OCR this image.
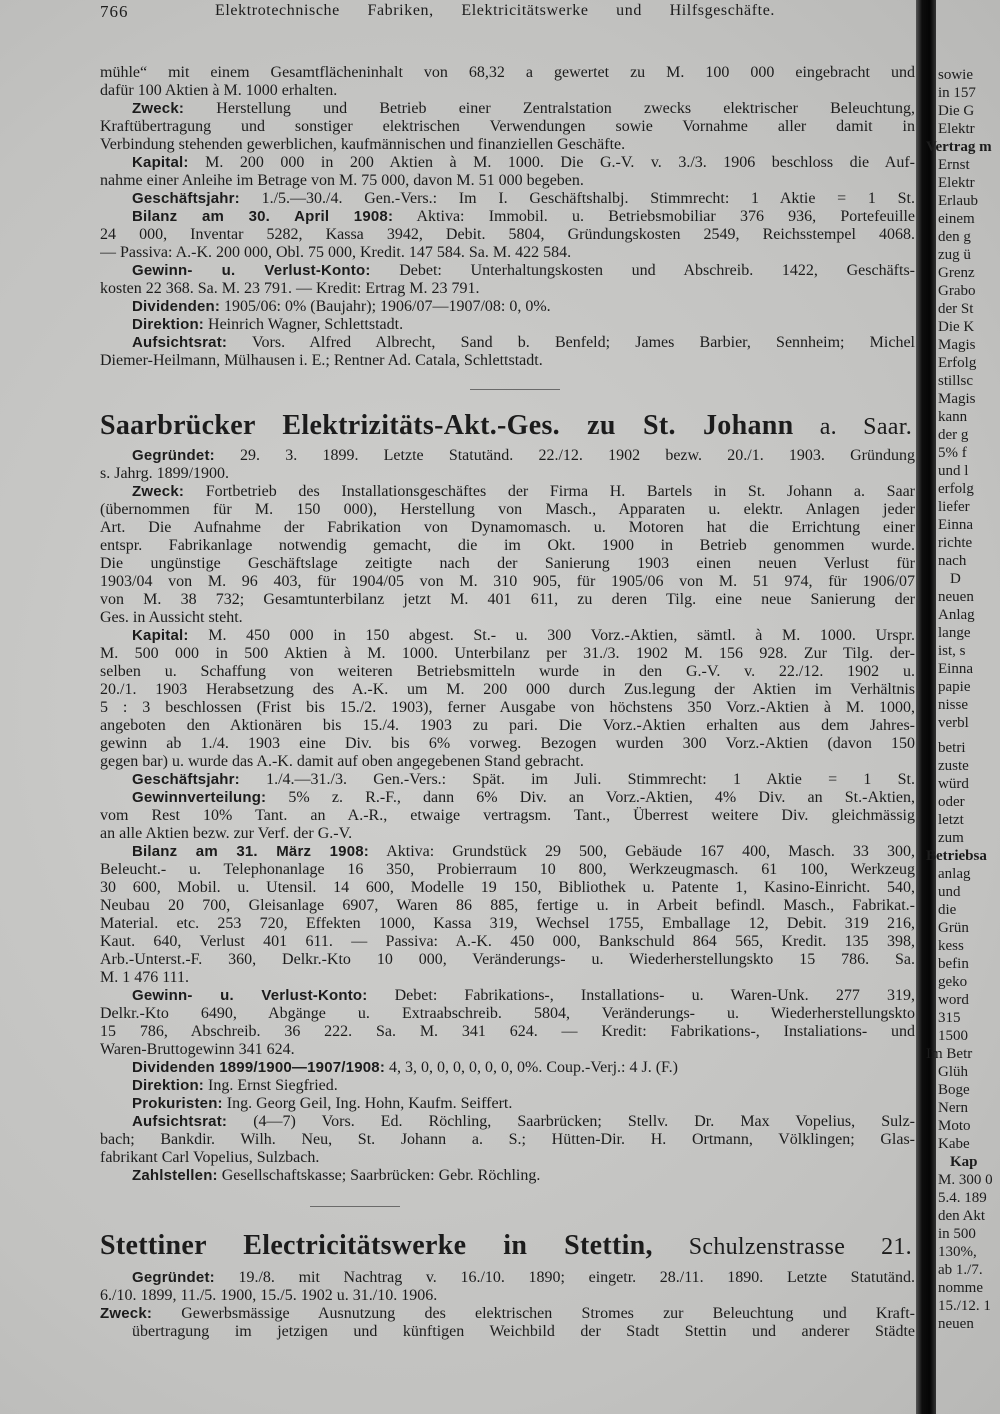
766	Elektrotechnische Fabriken, Elektricitätswerke und Hilfsgeschäfte.
mühle“ mit einem Gesamtflächeninhalt von 68,32 a gewertet zu M. 100 000 eingebracht und
dafür 100 Aktien à M. 1000 erhalten.
Zweck: Herstellung und Betrieb einer Zentralstation zwecks elektrischer Beleuchtung,
Kraftübertragung und sonstiger elektrischen Verwendungen sowie Vornahme aller damit in
Verbindung stehenden gewerblichen, kaufmännischen und finanziellen Geschäfte.
Kapital: M. 200 000 in 200 Aktien à M. 1000. Die G.-V. v. 3./3. 1906 beschloss die Auf-
nahme einer Anleihe im Betrage von M. 75 000, davon M. 51 000 begeben.
Geschäftsjahr: 1./5.—30./4. Gen.-Vers.: Im I. Geschäftshalbj. Stimmrecht: 1 Aktie = 1 St.
Bilanz am 30. April 1908: Aktiva: Immobil. u. Betriebsmobiliar 376 936, Portefeuille
24 000, Inventar 5282, Kassa 3942, Debit. 5804, Gründungskosten 2549, Reichsstempel 4068.
— Passiva: A.-K. 200 000, Obl. 75 000, Kredit. 147 584. Sa. M. 422 584.
Gewinn- u. Verlust-Konto: Debet: Unterhaltungskosten und Abschreib. 1422, Geschäfts-
kosten 22 368. Sa. M. 23 791. — Kredit: Ertrag M. 23 791.
Dividenden: 1905/06: 0% (Baujahr); 1906/07—1907/08: 0, 0%.
Direktion: Heinrich Wagner, Schlettstadt.
Aufsichtsrat: Vors. Alfred Albrecht, Sand b. Benfeld; James Barbier, Sennheim; Michel
Diemer-Heilmann, Mülhausen i. E.; Rentner Ad. Catala, Schlettstadt.
Saarbrücker Elektrizitäts-Akt.-Ges. zu St. Johann a. Saar.
Gegründet: 29. 3. 1899. Letzte Statutänd. 22./12. 1902 bezw. 20./1. 1903. Gründung
s. Jahrg. 1899/1900.
Zweck: Fortbetrieb des Installationsgeschäftes der Firma H. Bartels in St. Johann a. Saar
(übernommen für M. 150 000), Herstellung von Masch., Apparaten u. elektr. Anlagen jeder
Art. Die Aufnahme der Fabrikation von Dynamomasch. u. Motoren hat die Errichtung einer
entspr. Fabrikanlage notwendig gemacht, die im Okt. 1900 in Betrieb genommen wurde.
Die ungünstige Geschäftslage zeitigte nach der Sanierung 1903 einen neuen Verlust für
1903/04 von M. 96 403, für 1904/05 von M. 310 905, für 1905/06 von M. 51 974, für 1906/07
von M. 38 732; Gesamtunterbilanz jetzt M. 401 611, zu deren Tilg. eine neue Sanierung der
Ges. in Aussicht steht.
Kapital: M. 450 000 in 150 abgest. St.- u. 300 Vorz.-Aktien, sämtl. à M. 1000. Urspr.
M. 500 000 in 500 Aktien à M. 1000. Unterbilanz per 31./3. 1902 M. 156 928. Zur Tilg. der-
selben u. Schaffung von weiteren Betriebsmitteln wurde in den G.-V. v. 22./12. 1902 u.
20./1. 1903 Herabsetzung des A.-K. um M. 200 000 durch Zus.legung der Aktien im Verhältnis
5 : 3 beschlossen (Frist bis 15./2. 1903), ferner Ausgabe von höchstens 350 Vorz.-Aktien à M. 1000,
angeboten den Aktionären bis 15./4. 1903 zu pari. Die Vorz.-Aktien erhalten aus dem Jahres-
gewinn ab 1./4. 1903 eine Div. bis 6% vorweg. Bezogen wurden 300 Vorz.-Aktien (davon 150
gegen bar) u. wurde das A.-K. damit auf oben angegebenen Stand gebracht.
Geschäftsjahr: 1./4.—31./3. Gen.-Vers.: Spät. im Juli. Stimmrecht: 1 Aktie = 1 St.
Gewinnverteilung: 5% z. R.-F., dann 6% Div. an Vorz.-Aktien, 4% Div. an St.-Aktien,
vom Rest 10% Tant. an A.-R., etwaige vertragsm. Tant., Überrest weitere Div. gleichmässig
an alle Aktien bezw. zur Verf. der G.-V.
Bilanz am 31. März 1908: Aktiva: Grundstück 29 500, Gebäude 167 400, Masch. 33 300,
Beleucht.- u. Telephonanlage 16 350, Probierraum 10 800, Werkzeugmasch. 61 100, Werkzeug
30 600, Mobil. u. Utensil. 14 600, Modelle 19 150, Bibliothek u. Patente 1, Kasino-Einricht. 540,
Neubau 20 700, Gleisanlage 6907, Waren 86 885, fertige u. in Arbeit befindl. Masch., Fabrikat.-
Material. etc. 253 720, Effekten 1000, Kassa 319, Wechsel 1755, Emballage 12, Debit. 319 216,
Kaut. 640, Verlust 401 611. — Passiva: A.-K. 450 000, Bankschuld 864 565, Kredit. 135 398,
Arb.-Unterst.-F. 360, Delkr.-Kto 10 000, Veränderungs- u. Wiederherstellungskto 15 786. Sa.
M. 1 476 111.
Gewinn- u. Verlust-Konto: Debet: Fabrikations-, Installations- u. Waren-Unk. 277 319,
Delkr.-Kto 6490, Abgänge u. Extraabschreib. 5804, Veränderungs- u. Wiederherstellungskto
15 786, Abschreib. 36 222. Sa. M. 341 624. — Kredit: Fabrikations-, Instaliations- und
Waren-Bruttogewinn 341 624.
Dividenden 1899/1900—1907/1908: 4, 3, 0, 0, 0, 0, 0, 0, 0%. Coup.-Verj.: 4 J. (F.)
Direktion: Ing. Ernst Siegfried.
Prokuristen: Ing. Georg Geil, Ing. Hohn, Kaufm. Seiffert.
Aufsichtsrat: (4—7) Vors. Ed. Röchling, Saarbrücken; Stellv. Dr. Max Vopelius, Sulz-
bach; Bankdir. Wilh. Neu, St. Johann a. S.; Hütten-Dir. H. Ortmann, Völklingen; Glas-
fabrikant Carl Vopelius, Sulzbach.
Zahlstellen: Gesellschaftskasse; Saarbrücken: Gebr. Röchling.
Stettiner Electricitätswerke in Stettin, Schulzenstrasse 21.
Gegründet: 19./8. mit Nachtrag v. 16./10. 1890; eingetr. 28./11. 1890. Letzte Statutänd.
6./10. 1899, 11./5. 1900, 15./5. 1902 u. 31./10. 1906.
Zweck: Gewerbsmässige Ausnutzung des elektrischen Stromes zur Beleuchtung und Kraft-
übertragung im jetzigen und künftigen Weichbild der Stadt Stettin und anderer Städte
sowie
in 157
Die G
Elektr
Vertrag m
Ernst
Elektr
Erlaub
einem
den g
zug ü
Grenz
Grabo
der St
Die K
Magis
Erfolg
stillsc
Magis
kann
der g
5% f
und l
erfolg
liefer
Einna
richte
nach
D
neuen
Anlag
lange
ist, s
Einna
papie
nisse
verbl
betri
zuste
würd
oder
letzt
zum
Betriebsa
anlag
und
die
Grün
kess
befin
geko
word
315
1500
Im Betr
Glüh
Boge
Nern
Moto
Kabe
Kap
M. 300 0
5.4. 189
den Akt
in 500
130%,
ab 1./7.
nomme
15./12. 1
neuen
